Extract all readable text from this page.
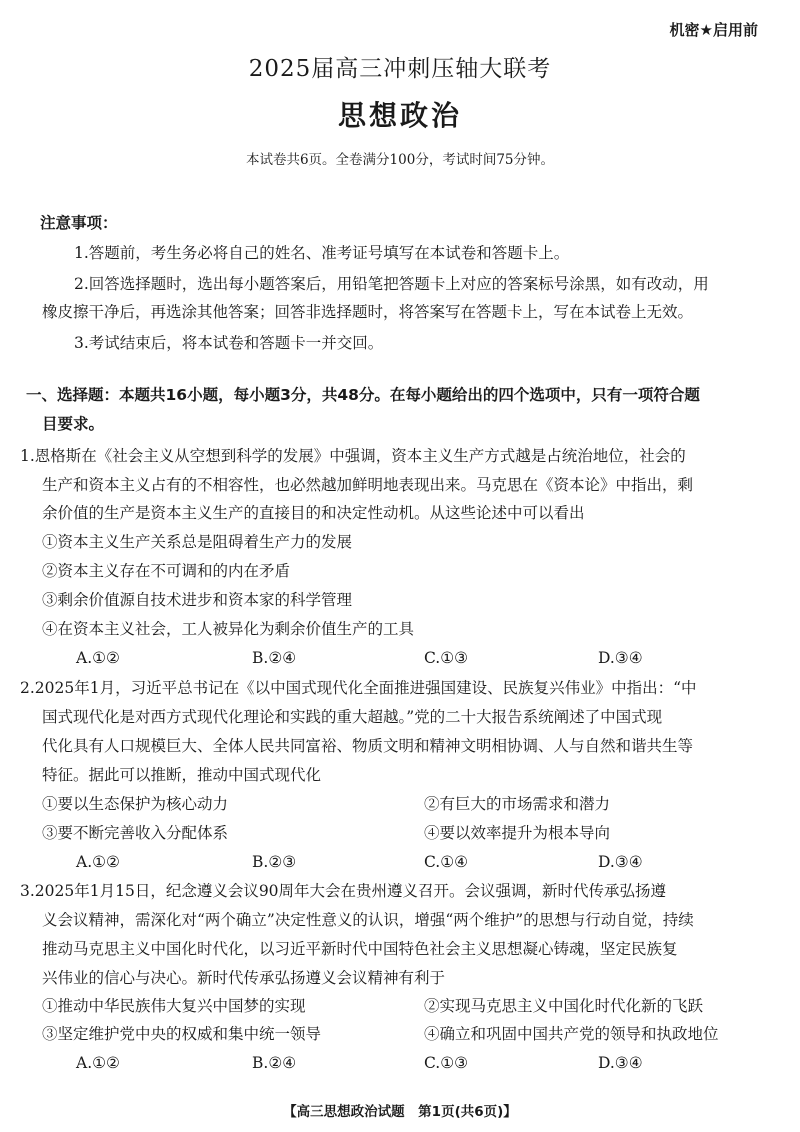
机密★启用前
2025届高三冲刺压轴大联考
思想政治
本试卷共6页。全卷满分100分，考试时间75分钟。
注意事项：
1.答题前，考生务必将自己的姓名、准考证号填写在本试卷和答题卡上。
2.回答选择题时，选出每小题答案后，用铅笔把答题卡上对应的答案标号涂黑，如有改动，用
橡皮擦干净后，再选涂其他答案；回答非选择题时，将答案写在答题卡上，写在本试卷上无效。
3.考试结束后，将本试卷和答题卡一并交回。
一、选择题：本题共16小题，每小题3分，共48分。在每小题给出的四个选项中，只有一项符合题
目要求。
1.恩格斯在《社会主义从空想到科学的发展》中强调，资本主义生产方式越是占统治地位，社会的
生产和资本主义占有的不相容性，也必然越加鲜明地表现出来。马克思在《资本论》中指出，剩
余价值的生产是资本主义生产的直接目的和决定性动机。从这些论述中可以看出
①资本主义生产关系总是阻碍着生产力的发展
②资本主义存在不可调和的内在矛盾
③剩余价值源自技术进步和资本家的科学管理
④在资本主义社会，工人被异化为剩余价值生产的工具
A.①②	B.②④	C.①③	D.③④
2.2025年1月，习近平总书记在《以中国式现代化全面推进强国建设、民族复兴伟业》中指出：“中
国式现代化是对西方式现代化理论和实践的重大超越。”党的二十大报告系统阐述了中国式现
代化具有人口规模巨大、全体人民共同富裕、物质文明和精神文明相协调、人与自然和谐共生等
特征。据此可以推断，推动中国式现代化
①要以生态保护为核心动力	②有巨大的市场需求和潜力
③要不断完善收入分配体系	④要以效率提升为根本导向
A.①②	B.②③	C.①④	D.③④
3.2025年1月15日，纪念遵义会议90周年大会在贵州遵义召开。会议强调，新时代传承弘扬遵
义会议精神，需深化对“两个确立”决定性意义的认识，增强“两个维护”的思想与行动自觉，持续
推动马克思主义中国化时代化，以习近平新时代中国特色社会主义思想凝心铸魂，坚定民族复
兴伟业的信心与决心。新时代传承弘扬遵义会议精神有利于
①推动中华民族伟大复兴中国梦的实现	②实现马克思主义中国化时代化新的飞跃
③坚定维护党中央的权威和集中统一领导	④确立和巩固中国共产党的领导和执政地位
A.①②	B.②④	C.①③	D.③④
【高三思想政治试题　第1页(共6页)】
